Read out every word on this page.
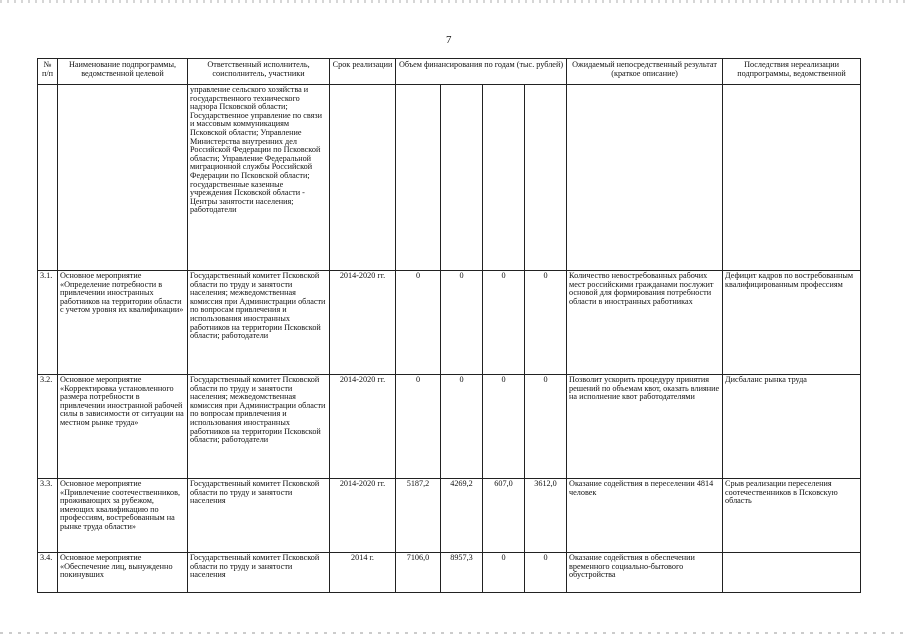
7
№ п/п	Наименование подпрограммы, ведомственной целевой	Ответственный исполнитель, соисполнитель, участники	Срок реализации	Объем финансирования по годам (тыс. рублей)				Ожидаемый непосредственный результат (краткое описание)	Последствия нереализации подпрограммы, ведомственной
		управление сельского хозяйства и государственного технического надзора Псковской области; Государственное управление по связи и массовым коммуникациям Псковской области; Управление Министерства внутренних дел Российской Федерации по Псковской области; Управление Федеральной миграционной службы Российской Федерации по Псковской области; государственные казенные учреждения Псковской области - Центры занятости населения; работодатели							
3.1.	Основное мероприятие «Определение потребности в привлечении иностранных работников на территории области с учетом уровня их квалификации»	Государственный комитет Псковской области по труду и занятости населения; межведомственная комиссия при Администрации области по вопросам привлечения и использования иностранных работников на территории Псковской области; работодатели	2014-2020 гг.	0	0	0	0	Количество невостребованных рабочих мест российскими гражданами послужит основой для формирования потребности области в иностранных работниках	Дефицит кадров по востребованным квалифицированным профессиям
3.2.	Основное мероприятие «Корректировка установленного размера потребности в привлечении иностранной рабочей силы в зависимости от ситуации на местном рынке труда»	Государственный комитет Псковской области по труду и занятости населения; межведомственная комиссия при Администрации области по вопросам привлечения и использования иностранных работников на территории Псковской области; работодатели	2014-2020 гг.	0	0	0	0	Позволит ускорить процедуру принятия решений по объемам квот, оказать влияние на исполнение квот работодателями	Дисбаланс рынка труда
3.3.	Основное мероприятие «Привлечение соотечественников, проживающих за рубежом, имеющих квалификацию по профессиям, востребованным на рынке труда области»	Государственный комитет Псковской области по труду и занятости населения	2014-2020 гг.	5187,2	4269,2	607,0	3612,0	Оказание содействия в переселении 4814 человек	Срыв реализации переселения соотечественников в Псковскую область
3.4.	Основное мероприятие «Обеспечение лиц, вынужденно покинувших	Государственный комитет Псковской области по труду и занятости населения	2014 г.	7106,0	8957,3	0	0	Оказание содействия в обеспечении временного социально-бытового обустройства	
